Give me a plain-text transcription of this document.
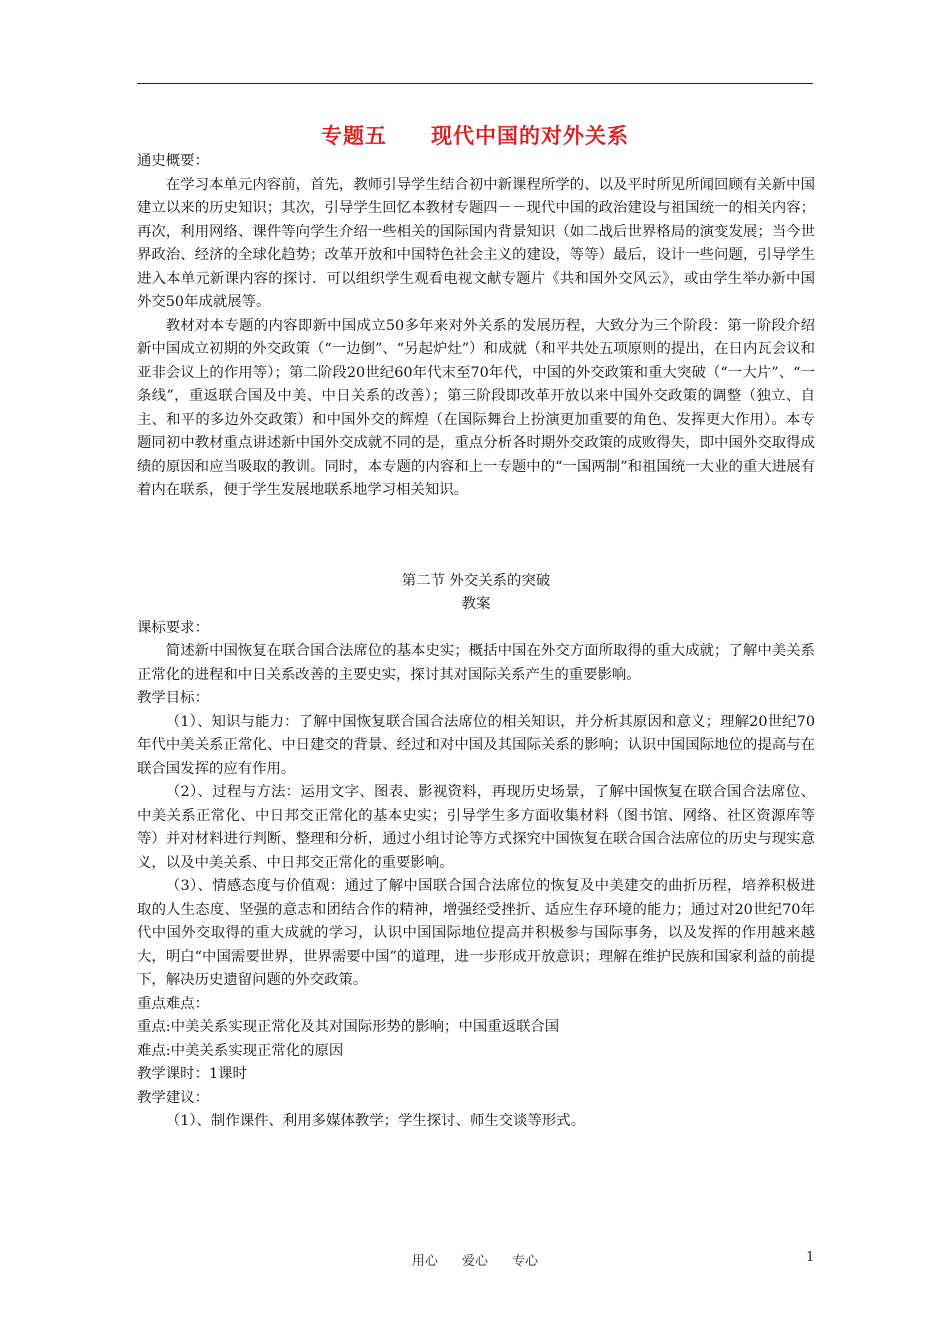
专题五　　现代中国的对外关系

通史概要：

在学习本单元内容前，首先，教师引导学生结合初中新课程所学的、以及平时所见所闻回顾有关新中国建立以来的历史知识；其次，引导学生回忆本教材专题四－－现代中国的政治建设与祖国统一的相关内容；再次，利用网络、课件等向学生介绍一些相关的国际国内背景知识（如二战后世界格局的演变发展；当今世界政治、经济的全球化趋势；改革开放和中国特色社会主义的建设，等等）最后，设计一些问题，引导学生进入本单元新课内容的探讨．可以组织学生观看电视文献专题片《共和国外交风云》，或由学生举办新中国外交50年成就展等。

教材对本专题的内容即新中国成立50多年来对外关系的发展历程，大致分为三个阶段：第一阶段介绍新中国成立初期的外交政策（“一边倒”、“另起炉灶”）和成就（和平共处五项原则的提出，在日内瓦会议和亚非会议上的作用等）；第二阶段20世纪60年代末至70年代，中国的外交政策和重大突破（“一大片”、“一条线”，重返联合国及中美、中日关系的改善）；第三阶段即改革开放以来中国外交政策的调整（独立、自主、和平的多边外交政策）和中国外交的辉煌（在国际舞台上扮演更加重要的角色、发挥更大作用）。本专题同初中教材重点讲述新中国外交成就不同的是，重点分析各时期外交政策的成败得失，即中国外交取得成绩的原因和应当吸取的教训。同时，本专题的内容和上一专题中的“一国两制”和祖国统一大业的重大进展有着内在联系，便于学生发展地联系地学习相关知识。

第二节 外交关系的突破

教案

课标要求：

简述新中国恢复在联合国合法席位的基本史实；概括中国在外交方面所取得的重大成就；了解中美关系正常化的进程和中日关系改善的主要史实，探讨其对国际关系产生的重要影响。

教学目标：

（1）、知识与能力：了解中国恢复联合国合法席位的相关知识，并分析其原因和意义；理解20世纪70年代中美关系正常化、中日建交的背景、经过和对中国及其国际关系的影响；认识中国国际地位的提高与在联合国发挥的应有作用。

（2）、过程与方法：运用文字、图表、影视资料，再现历史场景，了解中国恢复在联合国合法席位、中美关系正常化、中日邦交正常化的基本史实；引导学生多方面收集材料（图书馆、网络、社区资源库等等）并对材料进行判断、整理和分析，通过小组讨论等方式探究中国恢复在联合国合法席位的历史与现实意义，以及中美关系、中日邦交正常化的重要影响。

（3）、情感态度与价值观：通过了解中国联合国合法席位的恢复及中美建交的曲折历程，培养积极进取的人生态度、坚强的意志和团结合作的精神，增强经受挫折、适应生存环境的能力；通过对20世纪70年代中国外交取得的重大成就的学习，认识中国国际地位提高并积极参与国际事务，以及发挥的作用越来越大，明白“中国需要世界，世界需要中国”的道理，进一步形成开放意识；理解在维护民族和国家利益的前提下，解决历史遗留问题的外交政策。

重点难点：

重点:中美关系实现正常化及其对国际形势的影响；中国重返联合国

难点:中美关系实现正常化的原因

教学课时：1课时

教学建议：

（1）、制作课件、利用多媒体教学；学生探讨、师生交谈等形式。

用心 爱心 专心	1
